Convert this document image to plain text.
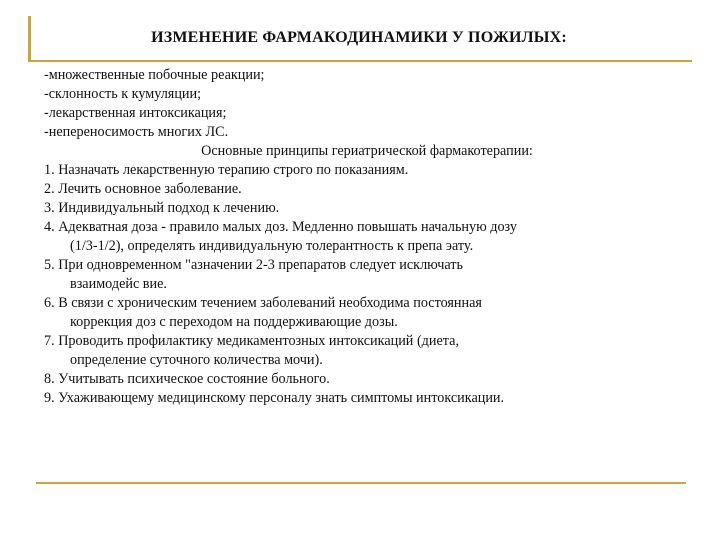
ИЗМЕНЕНИЕ ФАРМАКОДИНАМИКИ У ПОЖИЛЫХ:
-множественные побочные реакции;
-склонность к кумуляции;
-лекарственная интоксикация;
-непереносимость многих ЛС.
Основные принципы гериатрической фармакотерапии:
1. Назначать лекарственную терапию строго по показаниям.
2. Лечить основное заболевание.
3. Индивидуальный подход к лечению.
4. Адекватная доза - правило малых доз. Медленно повышать начальную дозу
(1/3-1/2), определять индивидуальную толерантность к препа эату.
5. При одновременном "азначении 2-3 препаратов следует исключать
взаимодейс вие.
6. В связи с хроническим течением заболеваний необходима постоянная
коррекция доз с переходом на поддерживающие дозы.
7. Проводить профилактику медикаментозных интоксикаций (диета,
определение суточного количества мочи).
8. Учитывать психическое состояние больного.
9. Ухаживающему медицинскому персоналу знать симптомы интоксикации.
